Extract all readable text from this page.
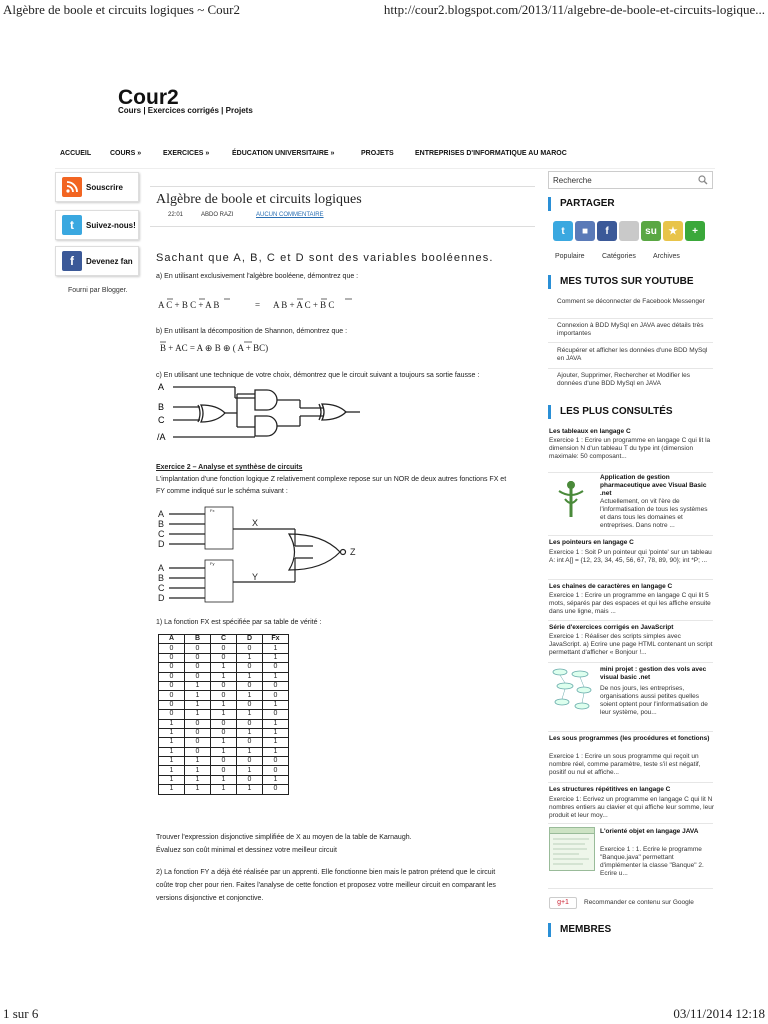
Algèbre de boole et circuits logiques ~ Cour2	http://cour2.blogspot.com/2013/11/algebre-de-boole-et-circuits-logique...
1 sur 6	03/11/2014 12:18
Cour2
Cours | Exercices corrigés | Projets
ACCUEIL	COURS »	EXERCICES »	ÉDUCATION UNIVERSITAIRE »	PROJETS	ENTREPRISES D'INFORMATIQUE AU MAROC
Souscrire
t	Suivez-nous!
f	Devenez fan
Fourni par Blogger.
Algèbre de boole et circuits logiques
22:01	ABDO RAZI	AUCUN COMMENTAIRE
Sachant que A, B, C et D sont des variables booléennes.
a) En utilisant exclusivement l'algèbre booléene, démontrez que :
A C + B C + A B	= A B + A C + B C
b) En utilisant la décomposition de Shannon, démontrez que :
B + AC = A ⊕ B ⊕ ( A + BC)
c) En utilisant une technique de votre choix, démontrez que le circuit suivant a toujours sa sortie fausse :
A
B
C
/A
Exercice 2 – Analyse et synthèse de circuits
L'implantation d'une fonction logique Z relativement complexe repose sur un NOR de deux autres fonctions FX et
FY comme indiqué sur le schéma suivant :
A
B
C
D
A
B
C
D
X
Y
Z
Fx
Fy
1) La fonction FX est spécifiée par sa table de vérité :
A	B	C	D	Fx
0	0	0	0	1
0	0	0	1	1
0	0	1	0	0
0	0	1	1	1
0	1	0	0	0
0	1	0	1	0
0	1	1	0	1
0	1	1	1	0
1	0	0	0	1
1	0	0	1	1
1	0	1	0	1
1	0	1	1	1
1	1	0	0	0
1	1	0	1	0
1	1	1	0	1
1	1	1	1	0
Trouver l'expression disjonctive simplifiée de X au moyen de la table de Karnaugh.
Évaluez son coût minimal et dessinez votre meilleur circuit
2) La fonction FY a déjà été réalisée par un apprenti. Elle fonctionne bien mais le patron prétend que le circuit
coûte trop cher pour rien. Faites l'analyse de cette fonction et proposez votre meilleur circuit en comparant les
versions disjonctive et conjonctive.
Recherche
PARTAGER
t	■	f	su	★	+
Populaire Catégories Archives
MES TUTOS SUR YOUTUBE
Comment se déconnecter de Facebook Messenger
Connexion à BDD MySql en JAVA avec détails très importantes
Récupérer et afficher les données d'une BDD MySql en JAVA
Ajouter, Supprimer, Rechercher et Modifier les données d'une BDD MySql en JAVA
LES PLUS CONSULTÉS
Les tableaux en langage C
Exercice 1 : Ecrire un programme en langage C qui lit la dimension N d'un tableau T du type int (dimension maximale: 50 composant...
Application de gestion pharmaceutique avec Visual Basic .net
Actuellement, on vit l'ère de l'informatisation de tous les systèmes et dans tous les domaines et entreprises. Dans notre ...
Les pointeurs en langage C
Exercice 1 : Soit P un pointeur qui 'pointe' sur un tableau A: int A[] = {12, 23, 34, 45, 56, 67, 78, 89, 90}; int *P; ...
Les chaînes de caractères en langage C
Exercice 1 : Ecrire un programme en langage C qui lit 5 mots, séparés par des espaces et qui les affiche ensuite dans une ligne, mais ...
Série d'exercices corrigés en JavaScript
Exercice 1 : Réaliser des scripts simples avec JavaScript. a) Ecrire une page HTML contenant un script permettant d'afficher « Bonjour !...
mini projet : gestion des vols avec visual basic .net
De nos jours, les entreprises, organisations aussi petites quelles soient optent pour l'informatisation de leur système, pou...
Les sous programmes (les procédures et fonctions)
Exercice 1 : Ecrire un sous programme qui reçoit un nombre réel, comme paramètre, teste s'il est négatif, positif ou nul et affiche...
Les structures répétitives en langage C
Exercice 1: Ecrivez un programme en langage C qui lit N nombres entiers au clavier et qui affiche leur somme, leur produit et leur moy...
L'orienté objet en langage JAVA
Exercice 1 : 1. Ecrire le programme "Banque.java" permettant d'implémenter la classe "Banque" 2. Ecrire u...
g+1	Recommander ce contenu sur Google
MEMBRES
